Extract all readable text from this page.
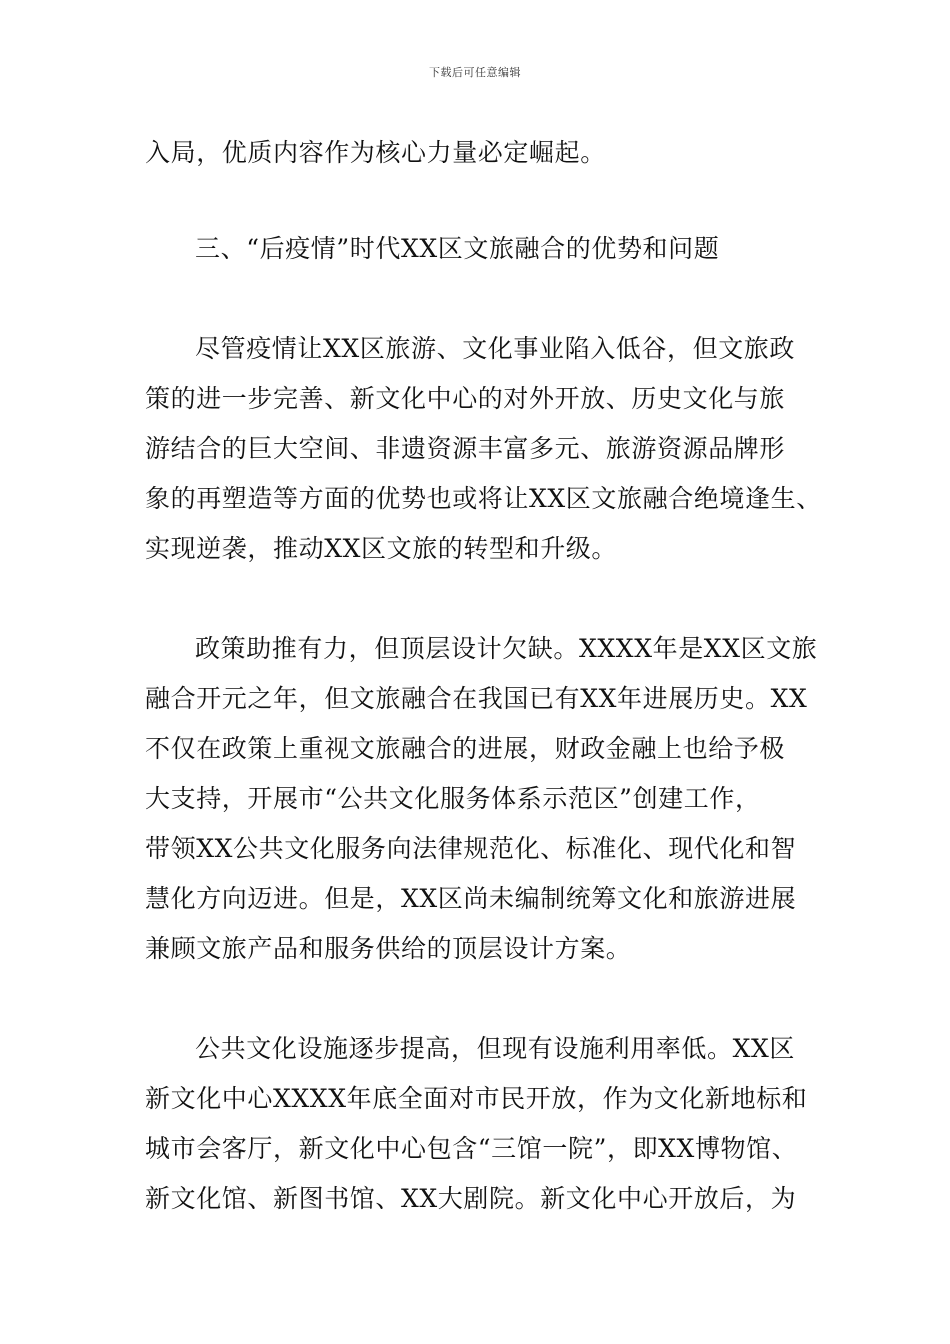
下载后可任意编辑
入局，优质内容作为核心力量必定崛起。
三、“后疫情”时代XX区文旅融合的优势和问题
尽管疫情让XX区旅游、文化事业陷入低谷，但文旅政
策的进一步完善、新文化中心的对外开放、历史文化与旅
游结合的巨大空间、非遗资源丰富多元、旅游资源品牌形
象的再塑造等方面的优势也或将让XX区文旅融合绝境逢生、
实现逆袭，推动XX区文旅的转型和升级。
政策助推有力，但顶层设计欠缺。XXXX年是XX区文旅
融合开元之年，但文旅融合在我国已有XX年进展历史。XX
不仅在政策上重视文旅融合的进展，财政金融上也给予极
大支持，开展市“公共文化服务体系示范区”创建工作，
带领XX公共文化服务向法律规范化、标准化、现代化和智
慧化方向迈进。但是，XX区尚未编制统筹文化和旅游进展
兼顾文旅产品和服务供给的顶层设计方案。
公共文化设施逐步提高，但现有设施利用率低。XX区
新文化中心XXXX年底全面对市民开放，作为文化新地标和
城市会客厅，新文化中心包含“三馆一院”，即XX博物馆、
新文化馆、新图书馆、XX大剧院。新文化中心开放后，为
